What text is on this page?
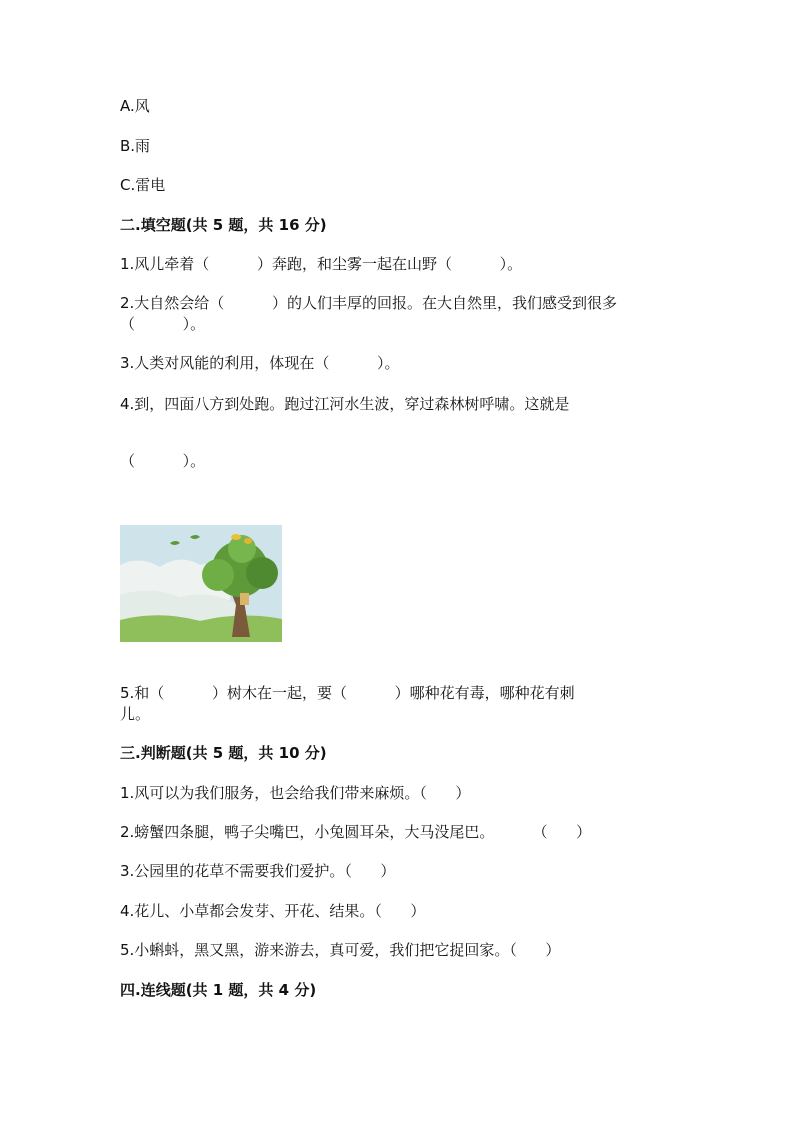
A.风
B.雨
C.雷电
二.填空题(共 5 题，共 16 分)
1.风儿牵着（          ）奔跑，和尘雾一起在山野（          ）。
2.大自然会给（          ）的人们丰厚的回报。在大自然里，我们感受到很多
（          ）。
3.人类对风能的利用，体现在（          ）。
4.到，四面八方到处跑。跑过江河水生波，穿过森林树呼啸。这就是
（          ）。
5.和（          ）树木在一起，要（          ）哪种花有毒，哪种花有刺
儿。
三.判断题(共 5 题，共 10 分)
1.风可以为我们服务，也会给我们带来麻烦。（      ）
2.螃蟹四条腿，鸭子尖嘴巴，小兔圆耳朵，大马没尾巴。        （      ）
3.公园里的花草不需要我们爱护。（      ）
4.花儿、小草都会发芽、开花、结果。（      ）
5.小蝌蚪，黑又黑，游来游去，真可爱，我们把它捉回家。（      ）
四.连线题(共 1 题，共 4 分)
